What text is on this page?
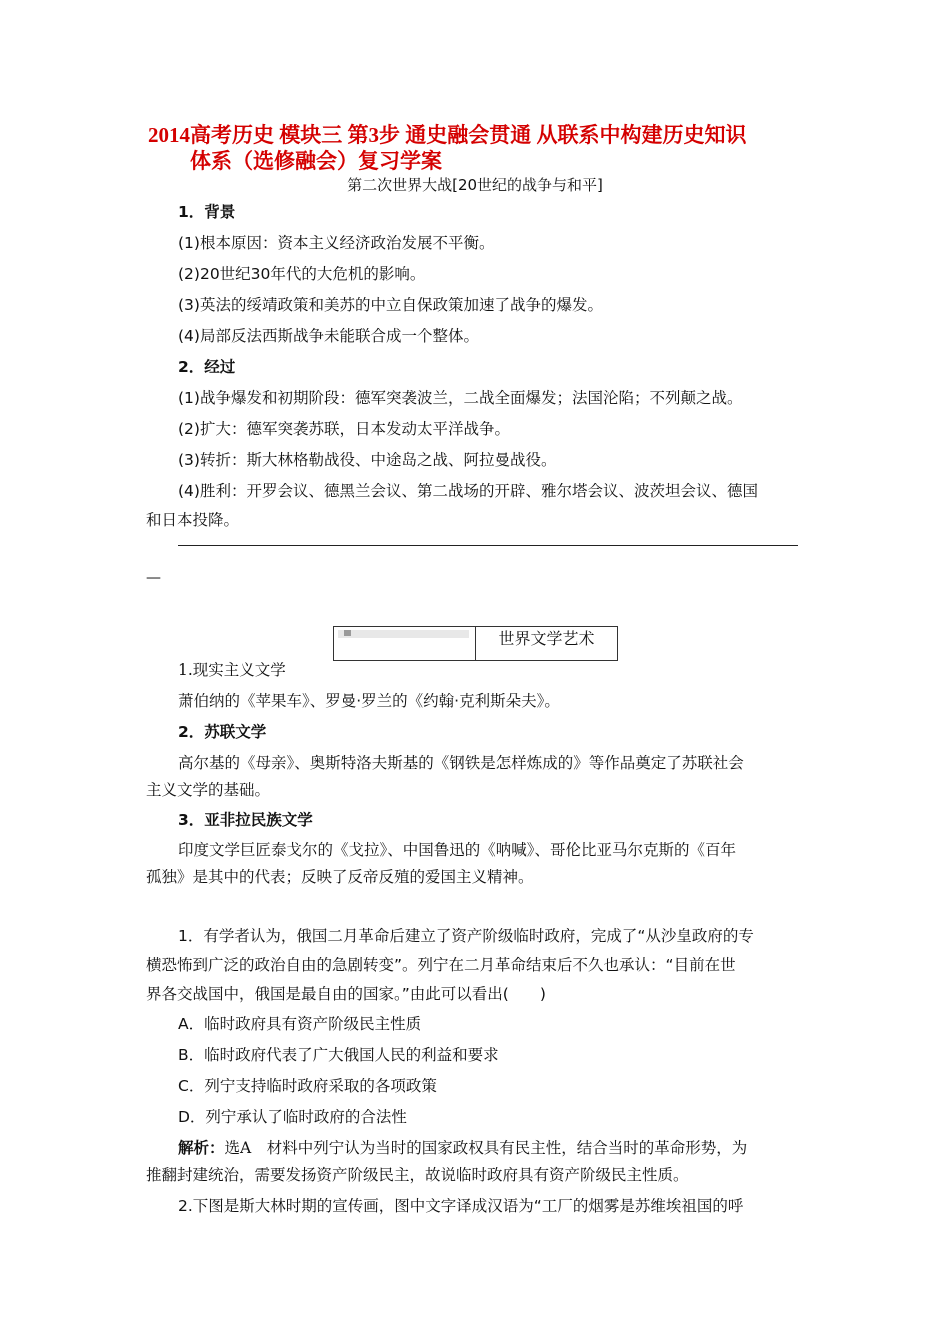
2014高考历史 模块三 第3步 通史融会贯通 从联系中构建历史知识
体系（选修融会）复习学案
第二次世界大战[20世纪的战争与和平]
1．背景
(1)根本原因：资本主义经济政治发展不平衡。
(2)20世纪30年代的大危机的影响。
(3)英法的绥靖政策和美苏的中立自保政策加速了战争的爆发。
(4)局部反法西斯战争未能联合成一个整体。
2．经过
(1)战争爆发和初期阶段：德军突袭波兰，二战全面爆发；法国沦陷；不列颠之战。
(2)扩大：德军突袭苏联，日本发动太平洋战争。
(3)转折：斯大林格勒战役、中途岛之战、阿拉曼战役。
(4)胜利：开罗会议、德黑兰会议、第二战场的开辟、雅尔塔会议、波茨坦会议、德国
和日本投降。
—
世界文学艺术
1.现实主义文学
萧伯纳的《苹果车》、罗曼·罗兰的《约翰·克利斯朵夫》。
2．苏联文学
高尔基的《母亲》、奥斯特洛夫斯基的《钢铁是怎样炼成的》等作品奠定了苏联社会
主义文学的基础。
3．亚非拉民族文学
印度文学巨匠泰戈尔的《戈拉》、中国鲁迅的《呐喊》、哥伦比亚马尔克斯的《百年
孤独》是其中的代表；反映了反帝反殖的爱国主义精神。
1．有学者认为，俄国二月革命后建立了资产阶级临时政府，完成了“从沙皇政府的专
横恐怖到广泛的政治自由的急剧转变”。列宁在二月革命结束后不久也承认：“目前在世
界各交战国中，俄国是最自由的国家。”由此可以看出(　　)
A．临时政府具有资产阶级民主性质
B．临时政府代表了广大俄国人民的利益和要求
C．列宁支持临时政府采取的各项政策
D．列宁承认了临时政府的合法性
解析：选A　材料中列宁认为当时的国家政权具有民主性，结合当时的革命形势，为
推翻封建统治，需要发扬资产阶级民主，故说临时政府具有资产阶级民主性质。
2.下图是斯大林时期的宣传画，图中文字译成汉语为“工厂的烟雾是苏维埃祖国的呼
